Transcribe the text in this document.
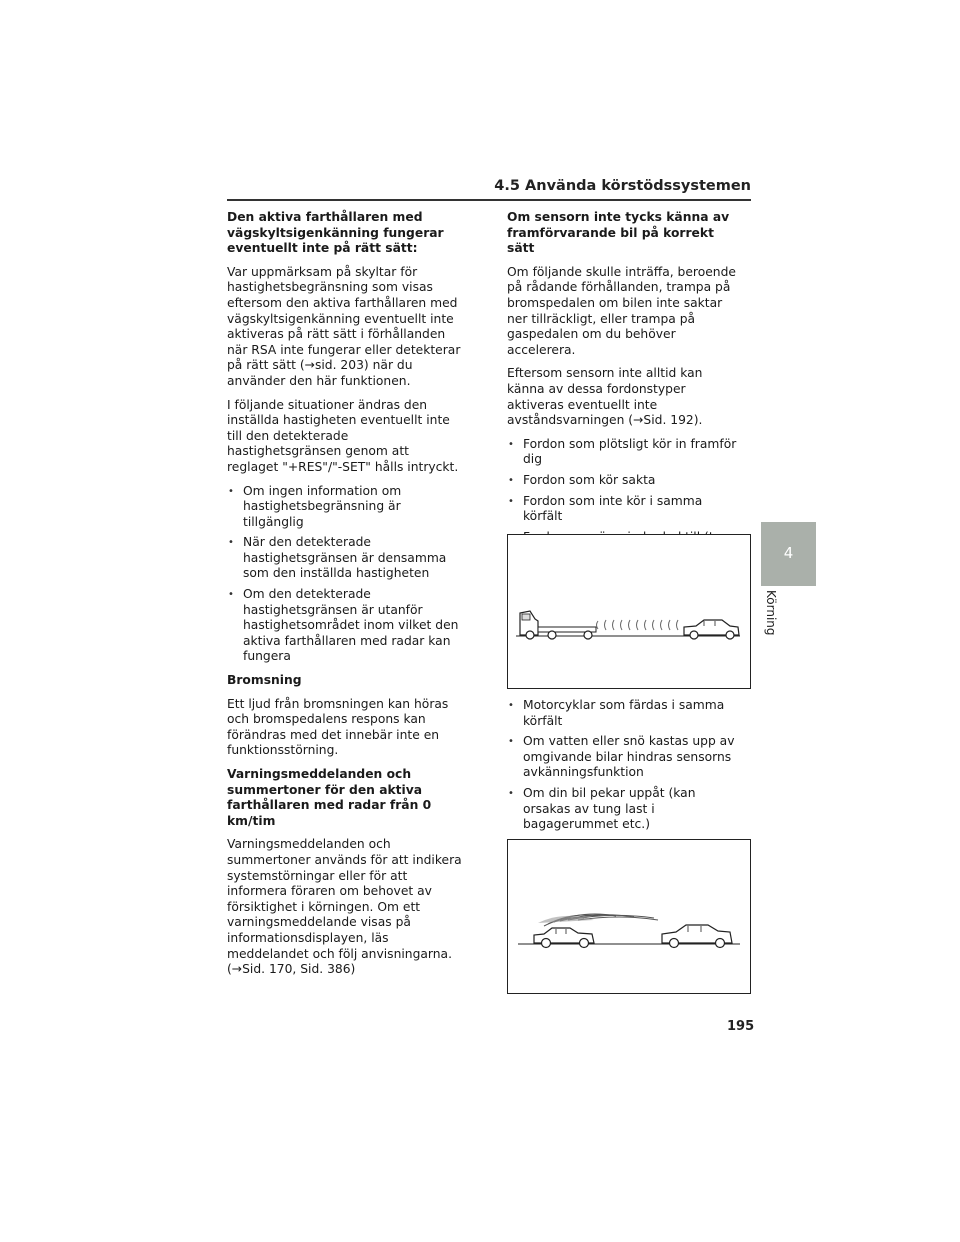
4.5 Använda körstödssystemen
Den aktiva farthållaren med vägskyltsigenkänning fungerar eventuellt inte på rätt sätt:
Var uppmärksam på skyltar för hastighetsbegränsning som visas eftersom den aktiva farthållaren med vägskyltsigenkänning eventuellt inte aktiveras på rätt sätt i förhållanden när RSA inte fungerar eller detekterar på rätt sätt (→sid. 203) när du använder den här funktionen.
I följande situationer ändras den inställda hastigheten eventuellt inte till den detekterade hastighetsgränsen genom att reglaget "+RES"/"-SET" hålls intryckt.
• Om ingen information om hastighetsbegränsning är tillgänglig
• När den detekterade hastighetsgränsen är densamma som den inställda hastigheten
• Om den detekterade hastighetsgränsen är utanför hastighetsområdet inom vilket den aktiva farthållaren med radar kan fungera
Bromsning
Ett ljud från bromsningen kan höras och bromspedalens respons kan förändras med det innebär inte en funktionsstörning.
Varningsmeddelanden och summertoner för den aktiva farthållaren med radar från 0 km/tim
Varningsmeddelanden och summertoner används för att indikera systemstörningar eller för att informera föraren om behovet av försiktighet i körningen. Om ett varningsmeddelande visas på informationsdisplayen, läs meddelandet och följ anvisningarna. (→Sid. 170, Sid. 386)
Om sensorn inte tycks känna av framförvarande bil på korrekt sätt
Om följande skulle inträffa, beroende på rådande förhållanden, trampa på bromspedalen om bilen inte saktar ner tillräckligt, eller trampa på gaspedalen om du behöver accelerera.
Eftersom sensorn inte alltid kan känna av dessa fordonstyper aktiveras eventuellt inte avståndsvarningen (→Sid. 192).
• Fordon som plötsligt kör in framför dig
• Fordon som kör sakta
• Fordon som inte kör i samma körfält
•
• Motorcyklar som färdas i samma körfält
• Om vatten eller snö kastas upp av omgivande bilar hindras sensorns avkänningsfunktion
• Om din bil pekar uppåt (kan orsakas av tung last i bagagerummet etc.)
4
Körning
195
